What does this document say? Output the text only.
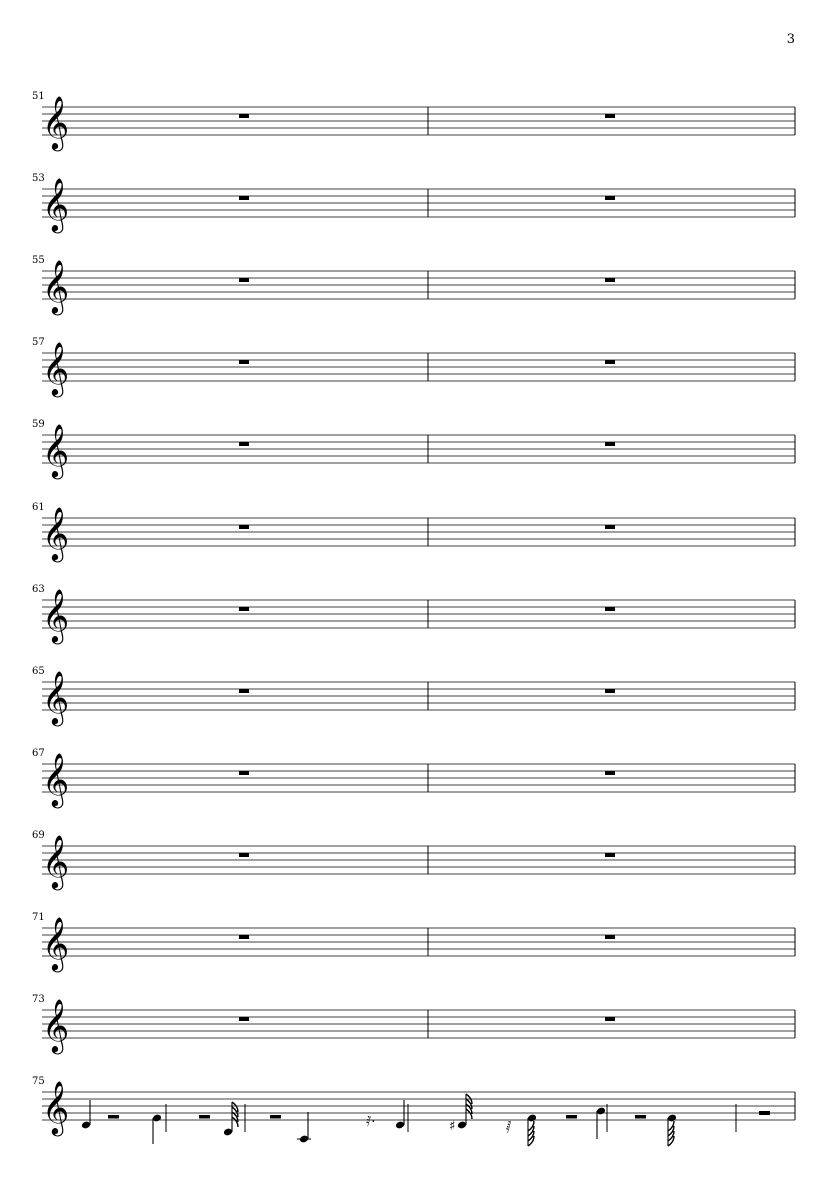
3
51
𝄞
53
𝄞
55
𝄞
57
𝄞
59
𝄞
61
𝄞
63
𝄞
65
𝄞
67
𝄞
69
𝄞
71
𝄞
73
𝄞
75
𝄞	𝅀·	♯	𝅁
